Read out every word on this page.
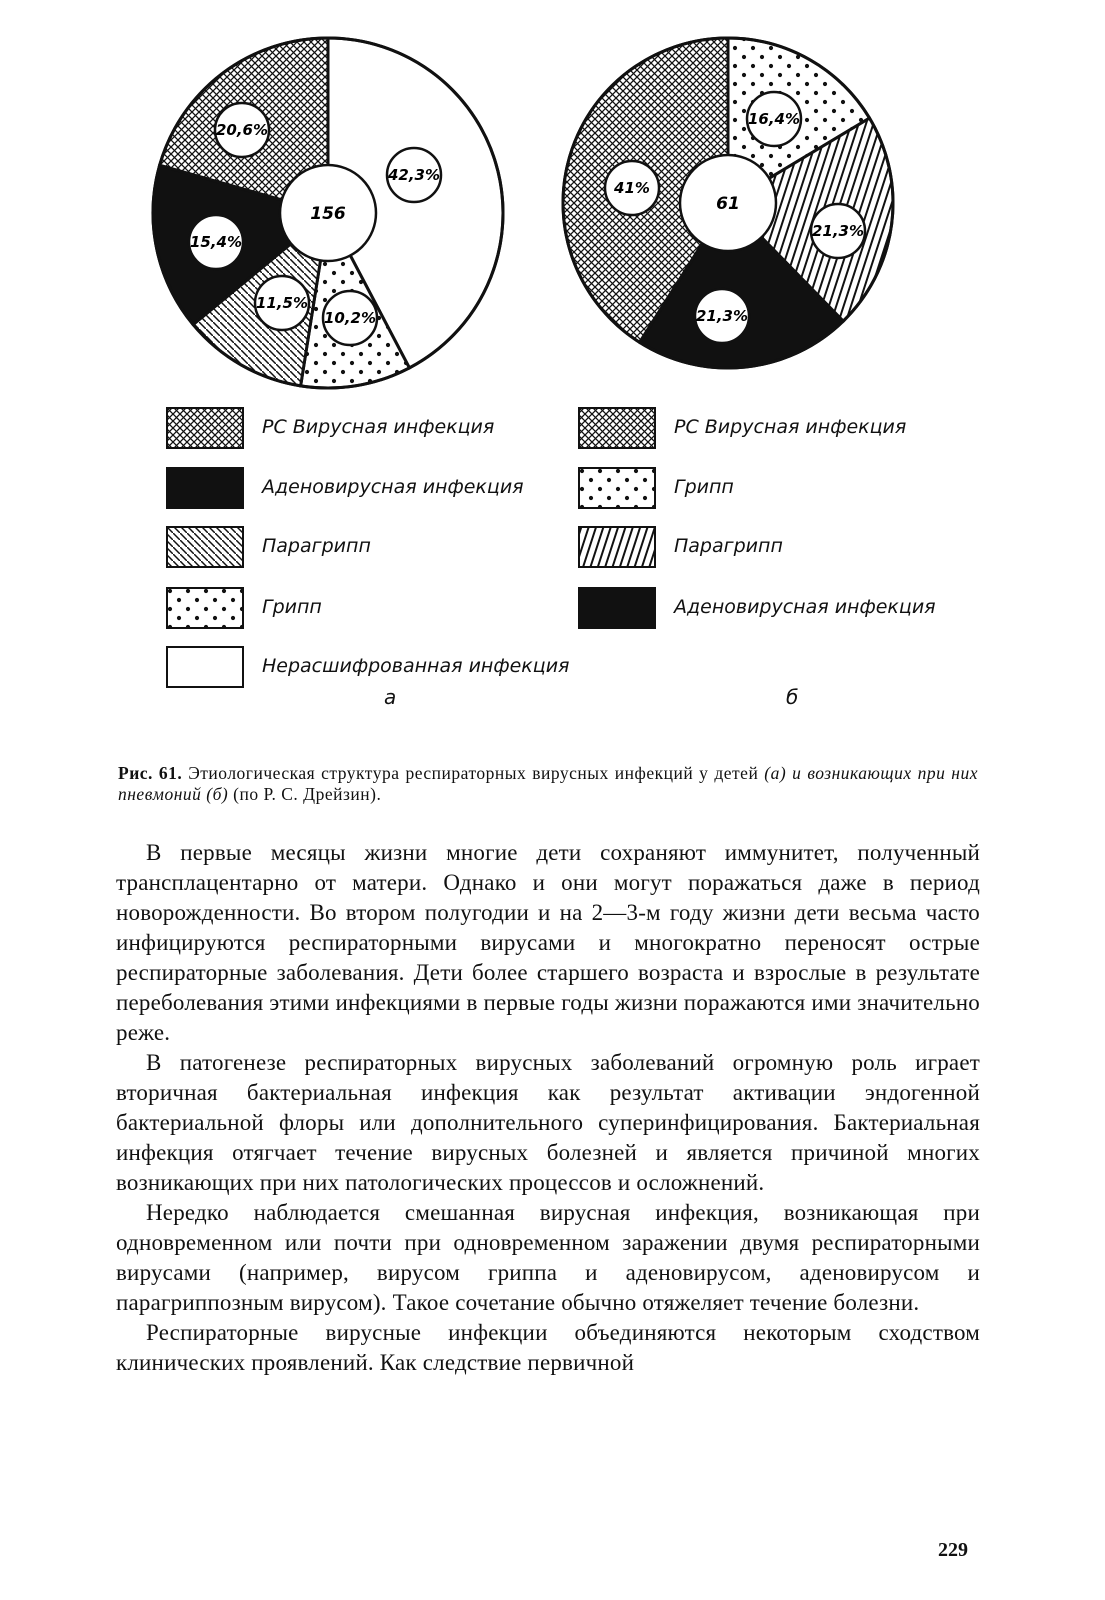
156
42,3%
10,2%
11,5%
15,4%
20,6%
61
16,4%
21,3%
21,3%
41%
РС Вирусная инфекция
Аденовирусная инфекция
Парагрипп
Грипп
Нерасшифрованная инфекция
РС Вирусная инфекция
Грипп
Парагрипп
Аденовирусная инфекция
а	б
Рис. 61. Этиологическая структура респираторных вирусных инфекций у детей (а) и возникающих при них пневмоний (б) (по Р. С. Дрейзин).

В первые месяцы жизни многие дети сохраняют иммунитет, полученный трансплацентарно от матери. Однако и они могут поражаться даже в период новорожденности. Во втором полугодии и на 2—3-м году жизни дети весьма часто инфицируются респираторными вирусами и многократно переносят острые респираторные заболевания. Дети более старшего возраста и взрослые в результате переболевания этими инфекциями в первые годы жизни поражаются ими значительно реже.

В патогенезе респираторных вирусных заболеваний огромную роль играет вторичная бактериальная инфекция как результат активации эндогенной бактериальной флоры или дополнительного суперинфицирования. Бактериальная инфекция отягчает течение вирусных болезней и является причиной многих возникающих при них патологических процессов и осложнений.

Нередко наблюдается смешанная вирусная инфекция, возникающая при одновременном или почти при одновременном заражении двумя респираторными вирусами (например, вирусом гриппа и аденовирусом, аденовирусом и парагриппозным вирусом). Такое сочетание обычно отяжеляет течение болезни.

Респираторные вирусные инфекции объединяются некоторым сходством клинических проявлений. Как следствие первичной

229
